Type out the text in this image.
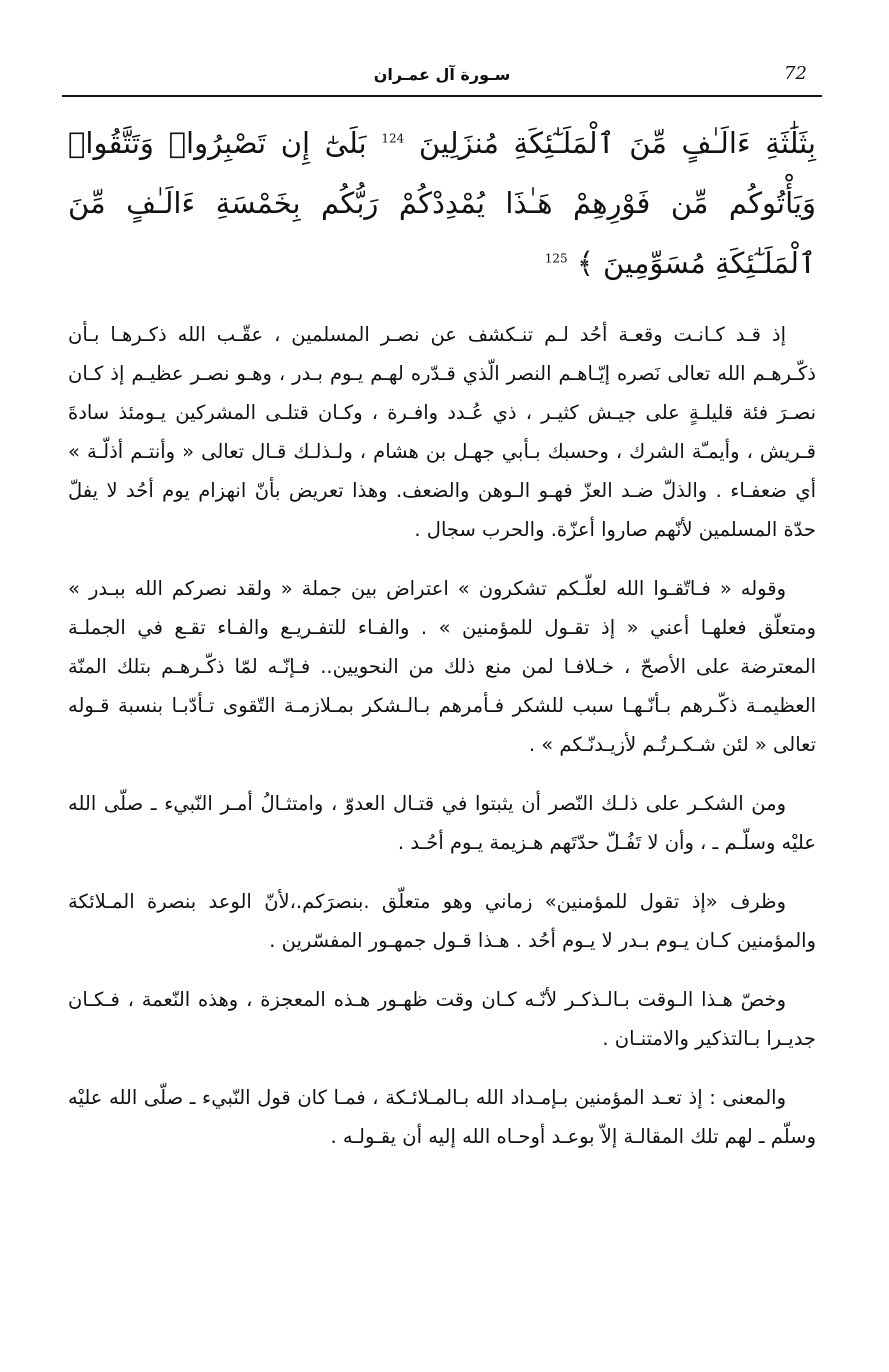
72
سـورة آل عمـران
بِثَلَٰثَةِ ءَالَـٰفٍ مِّنَ ٱلْمَلَـٰٓئِكَةِ مُنزَلِينَ $^{124}$ بَلَىٰٓ إِن تَصْبِرُوا۟ وَتَتَّقُوا۟ وَيَأْتُوكُم مِّن فَوْرِهِمْ هَـٰذَا يُمْدِدْكُمْ رَبُّكُم بِخَمْسَةِ ءَالَـٰفٍ مِّنَ ٱلْمَلَـٰٓئِكَةِ مُسَوِّمِينَ ﴾ $^{125}$

إذ قـد كـانـت وقعـة أحُد لـم تنـكشف عن نصـر المسلمين ، عقّـب الله ذكـرهـا بـأن ذكّـرهـم الله تعالى نَصره إيّـاهـم النصر الّذي قـدّره لهـم يـوم بـدر ، وهـو نصـر عظيـم إذ كـان نصـرَ فئة قليلـةٍ على جيـش كثيـر ، ذي عُـدد وافـرة ، وكـان قتلـى المشركين يـومئذ سادةَ قـريش ، وأيمـّة الشرك ، وحسبك بـأبي جهـل بن هشام ، ولـذلـك قـال تعالى « وأنتـم أذلّـة » أي ضعفـاء . والذلّ ضـد العزّ فهـو الـوهن والضعف. وهذا تعريض بأنّ انهزام يوم أحُد لا يفلّ حدّة المسلمين لأنّهم صاروا أعزّة. والحرب سجال .

وقوله « فـاتّقـوا الله لعلّـكم تشكرون » اعتراض بين جملة « ولقد نصركم الله ببـدر » ومتعلّق فعلهـا أعني « إذ تقـول للمؤمنين » . والفـاء للتفـريـع والفـاء تقـع في الجملـة المعترضة على الأصحّ ، خـلافـا لمن منع ذلك من النحويين.. فـإنّـه لمّا ذكّـرهـم بتلك المنّة العظيمـة ذكّـرهم بـأنّـهـا سبب للشكر فـأمرهم بـالـشكر بمـلازمـة التّقوى تـأدّبـا بنسبة قـوله تعالى « لئن شـكـرتُـم لأزيـدنّـكم » .

ومن الشكـر على ذلـك النّصر أن يثبتوا في قتـال العدوّ ، وامتثـالُ أمـر النّبيء ـ صلّى الله عليْه وسلّـم ـ ، وأن لا تَفُـلّ حدّتَهم هـزيمة يـوم أحُـد .

وظرف «إذ تقول للمؤمنين» زماني وهو متعلّق .بنصرَكم.،لأنّ الوعد بنصرة المـلائكة والمؤمنين كـان يـوم بـدر لا يـوم أحُد . هـذا قـول جمهـور المفسّرين .

وخصّ هـذا الـوقت بـالـذكـر لأنّـه كـان وقت ظهـور هـذه المعجزة ، وهذه النّعمة ، فـكـان جديـرا بـالتذكير والامتنـان .

والمعنى : إذ تعـد المؤمنين بـإمـداد الله بـالمـلائـكة ، فمـا كان قول النّبيء ـ صلّى الله عليْه وسلّم ـ لهم تلك المقالـة إلاّ بوعـد أوحـاه الله إليه أن يقـولـه .
